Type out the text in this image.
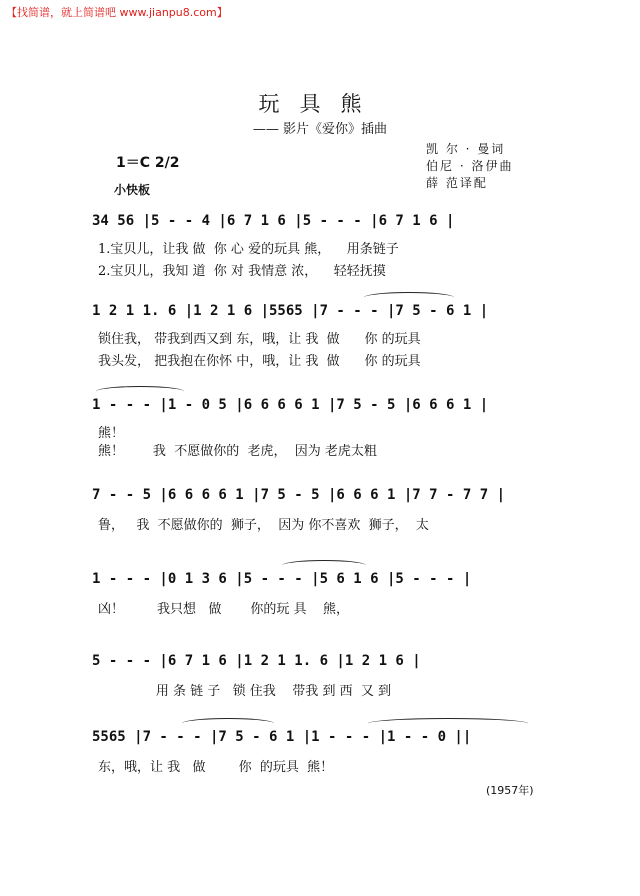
【找简谱，就上简谱吧 www.jianpu8.com】
玩具熊
—— 影片《爱你》插曲
凯 尔 · 曼词
伯尼 · 洛伊曲
薛 范译配
1＝C 2/2
小快板
34 56 |5 - - 4 |6 7 1 6 |5 - - - |6 7 1 6 |
1.宝贝儿，让我 做  你 心 爱的玩具 熊，    用条链子
2.宝贝儿，我知 道  你 对 我情意 浓，    轻轻抚摸
1 2 1 1. 6 |1 2 1 6 |5565 |7 - - - |7 5 - 6 1 |
锁住我， 带我到西又到 东，哦，让 我  做      你 的玩具
我头发， 把我抱在你怀 中，哦，让 我  做      你 的玩具
1 - - - |1 - 0 5 |6 6 6 6 1 |7 5 - 5 |6 6 6 1 |
熊！
熊！       我  不愿做你的  老虎，  因为 老虎太粗
7 - - 5 |6 6 6 6 1 |7 5 - 5 |6 6 6 1 |7 7 - 7 7 |
鲁，   我  不愿做你的  狮子，  因为 你不喜欢  狮子，  太
1 - - - |0 1 3 6 |5 - - - |5 6 1 6 |5 - - - |
凶！        我只想   做       你的玩 具    熊，
5 - - - |6 7 1 6 |1 2 1 1. 6 |1 2 1 6 |
用 条 链 子   锁 住我    带我 到 西  又 到
5565 |7 - - - |7 5 - 6 1 |1 - - - |1 - - 0 ||
东，哦，让 我   做        你  的玩具  熊！
(1957年)
